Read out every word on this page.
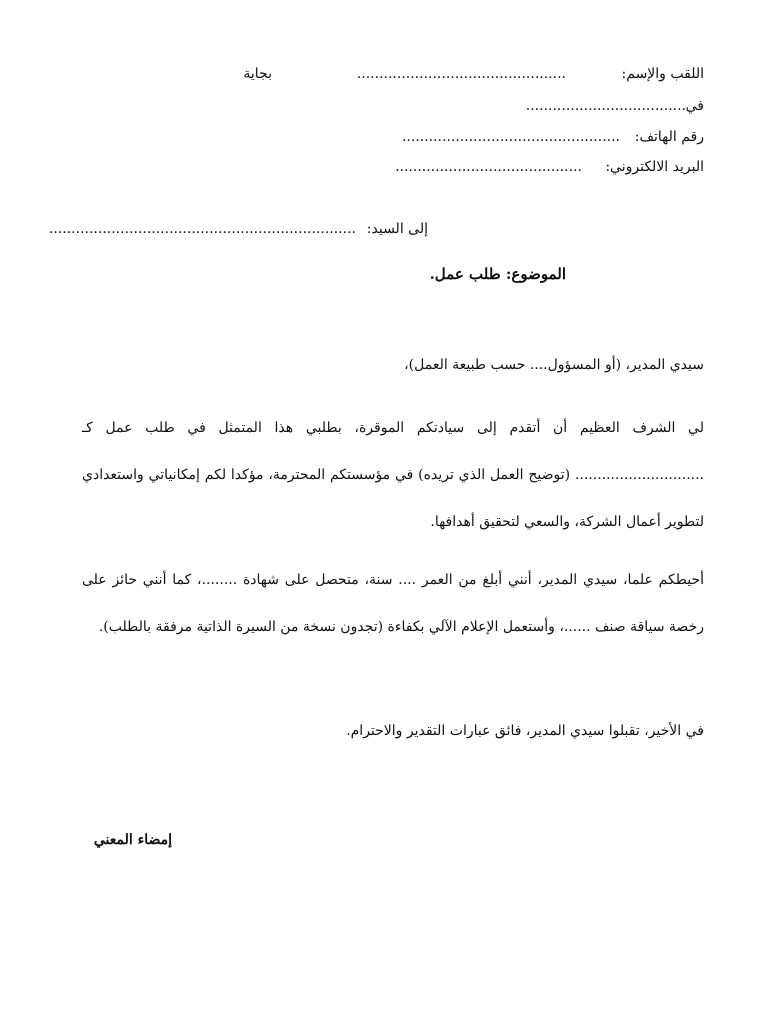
اللقب والإسم:
...............................................
بجاية
في
....................................
رقم الهاتف:
.................................................
البريد الالكتروني:
..........................................
إلى السيد:
.....................................................................
الموضوع: طلب عمل.
سيدي المدير، (أو المسؤول.... حسب طبيعة العمل)،
لي الشرف العظيم أن أتقدم إلى سيادتكم الموقرة، بطلبي هذا المتمثل في طلب عمل كـ ............................. (توضيح العمل الذي تريده) في مؤسستكم المحترمة، مؤكدا لكم إمكانياتي واستعدادي لتطوير أعمال الشركة، والسعي لتحقيق أهدافها.
أحيطكم علما، سيدي المدير، أنني أبلغ من العمر .... سنة، متحصل على شهادة ........، كما أنني حائز على رخصة سياقة صنف ......، وأستعمل الإعلام الآلي بكفاءة (تجدون نسخة من السيرة الذاتية مرفقة بالطلب).
في الأخير، تقبلوا سيدي المدير، فائق عبارات التقدير والاحترام.
إمضاء المعني
